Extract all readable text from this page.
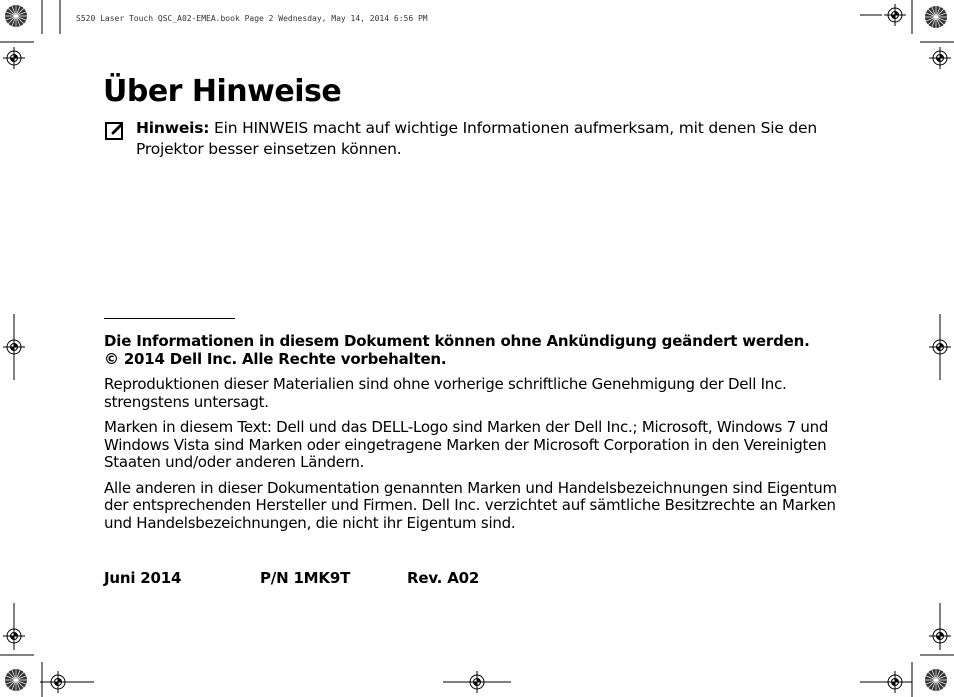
S520 Laser Touch QSC_A02-EMEA.book Page 2 Wednesday, May 14, 2014 6:56 PM
Über Hinweise
Hinweis: Ein HINWEIS macht auf wichtige Informationen aufmerksam, mit denen Sie den Projektor besser einsetzen können.

Die Informationen in diesem Dokument können ohne Ankündigung geändert werden.

© 2014 Dell Inc. Alle Rechte vorbehalten.

Reproduktionen dieser Materialien sind ohne vorherige schriftliche Genehmigung der Dell Inc. strengstens untersagt.

Marken in diesem Text: Dell und das DELL-Logo sind Marken der Dell Inc.; Microsoft, Windows 7 und Windows Vista sind Marken oder eingetragene Marken der Microsoft Corporation in den Vereinigten Staaten und/oder anderen Ländern.

Alle anderen in dieser Dokumentation genannten Marken und Handelsbezeichnungen sind Eigentum der entsprechenden Hersteller und Firmen. Dell Inc. verzichtet auf sämtliche Besitzrechte an Marken und Handelsbezeichnungen, die nicht ihr Eigentum sind.

Juni 2014	P/N 1MK9T	Rev. A02
